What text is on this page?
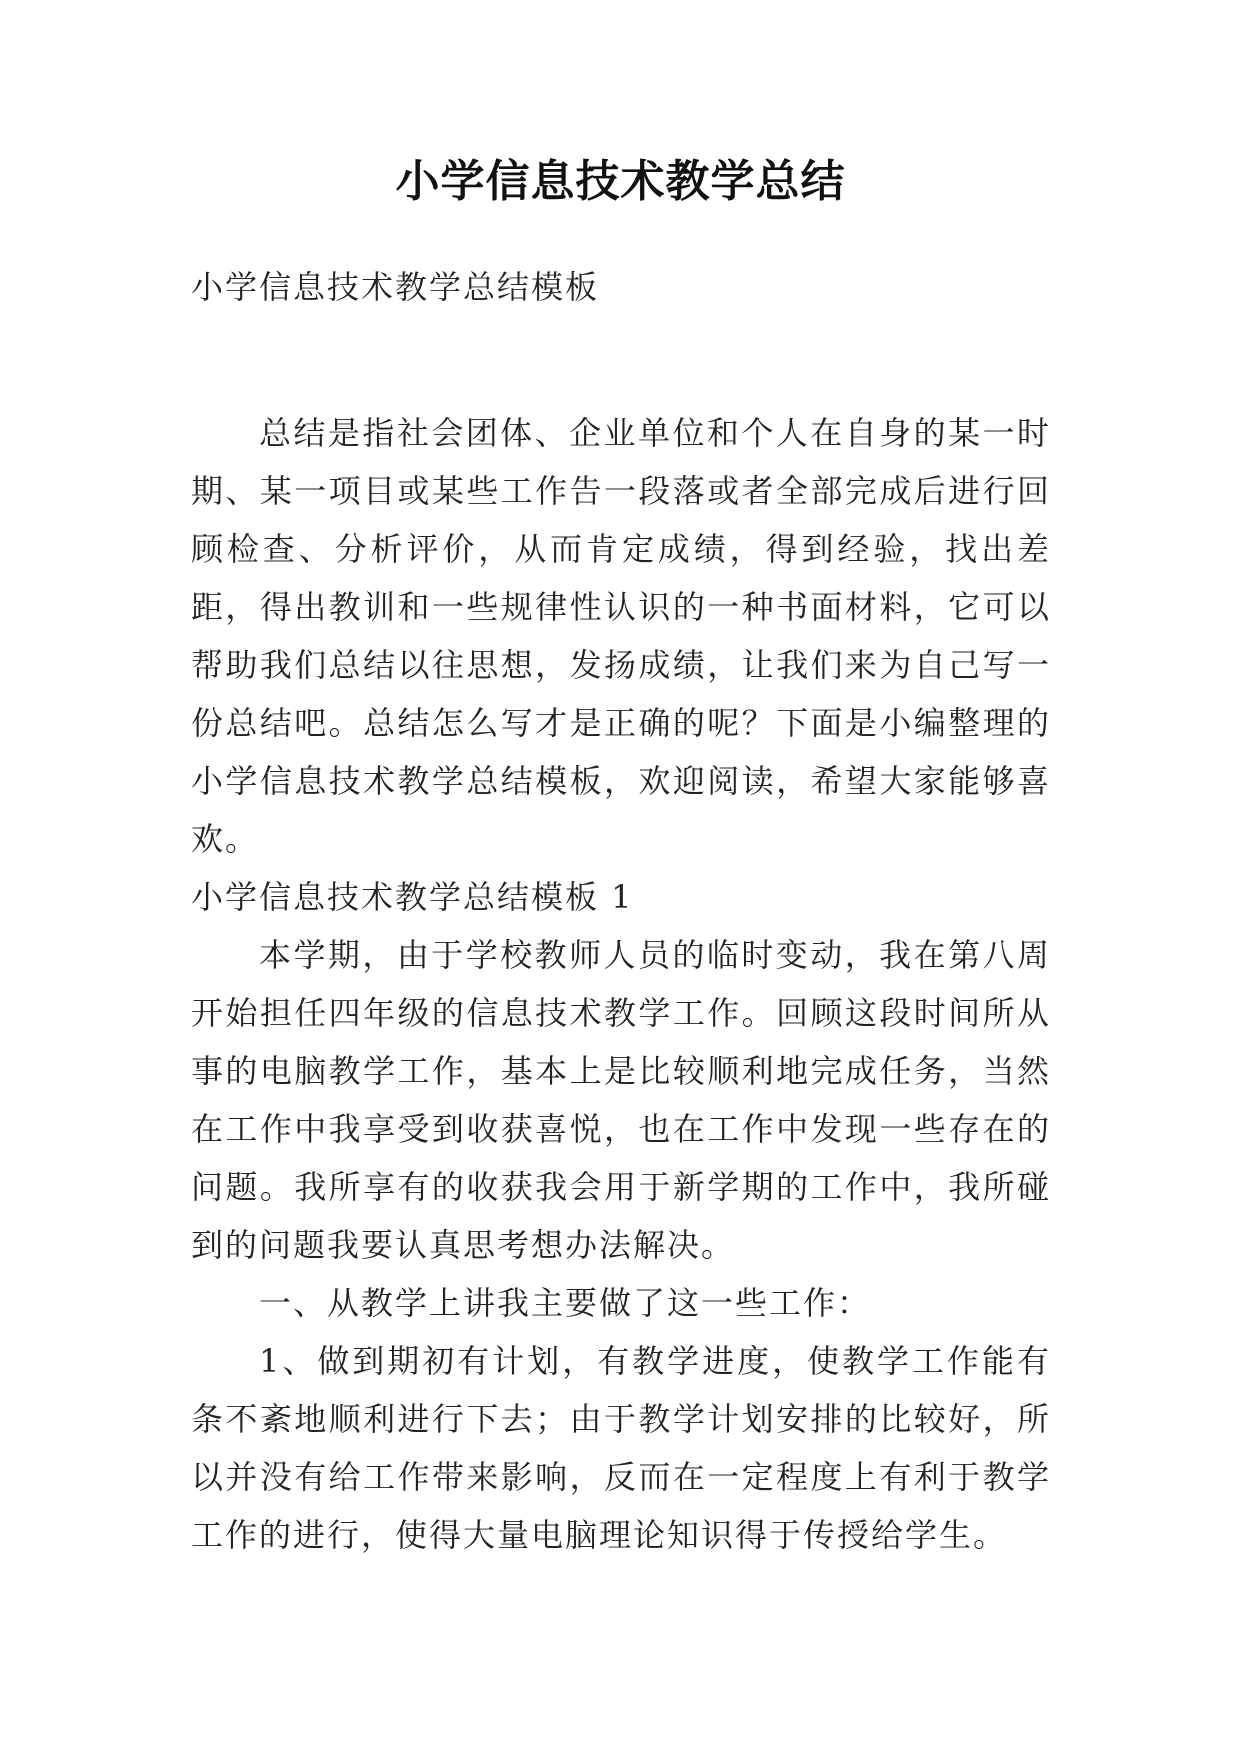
小学信息技术教学总结

小学信息技术教学总结模板

总结是指社会团体、企业单位和个人在自身的某一时期、某一项目或某些工作告一段落或者全部完成后进行回顾检查、分析评价，从而肯定成绩，得到经验，找出差距，得出教训和一些规律性认识的一种书面材料，它可以帮助我们总结以往思想，发扬成绩，让我们来为自己写一份总结吧。总结怎么写才是正确的呢？下面是小编整理的小学信息技术教学总结模板，欢迎阅读，希望大家能够喜欢。

小学信息技术教学总结模板 1

本学期，由于学校教师人员的临时变动，我在第八周开始担任四年级的信息技术教学工作。回顾这段时间所从事的电脑教学工作，基本上是比较顺利地完成任务，当然在工作中我享受到收获喜悦，也在工作中发现一些存在的问题。我所享有的收获我会用于新学期的工作中，我所碰到的问题我要认真思考想办法解决。

一、从教学上讲我主要做了这一些工作：

1、做到期初有计划，有教学进度，使教学工作能有条不紊地顺利进行下去；由于教学计划安排的比较好，所以并没有给工作带来影响，反而在一定程度上有利于教学工作的进行，使得大量电脑理论知识得于传授给学生。
